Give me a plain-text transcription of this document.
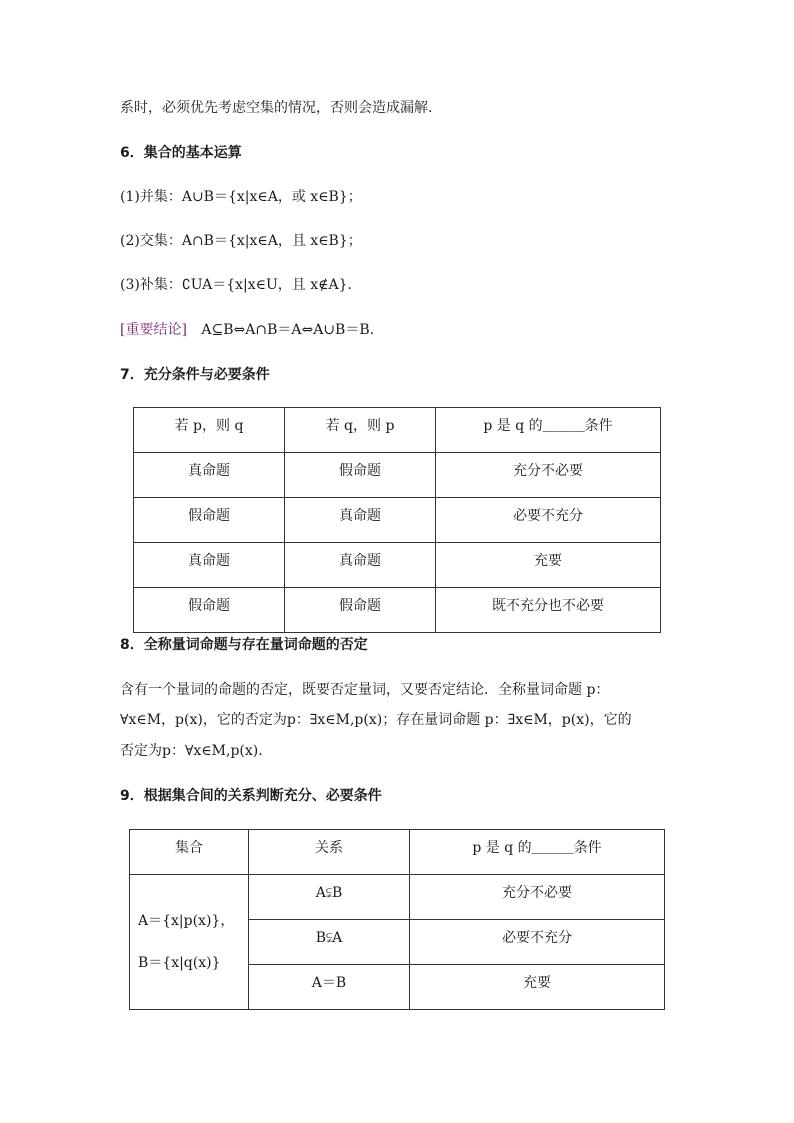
系时，必须优先考虑空集的情况，否则会造成漏解.
6．集合的基本运算
(1)并集：A∪B＝{x|x∈A，或 x∈B}；
(2)交集：A∩B＝{x|x∈A，且 x∈B}；
(3)补集：∁UA＝{x|x∈U，且 x∉A}.
[重要结论] A⊆B⇔A∩B＝A⇔A∪B＝B.
7．充分条件与必要条件
若 p，则 q	若 q，则 p	p 是 q 的＿＿＿条件
真命题	假命题	充分不必要
假命题	真命题	必要不充分
真命题	真命题	充要
假命题	假命题	既不充分也不必要
8．全称量词命题与存在量词命题的否定
含有一个量词的命题的否定，既要否定量词，又要否定结论．全称量词命题 p：
∀x∈M，p(x)，它的否定为p：∃x∈M,p(x)；存在量词命题 p：∃x∈M，p(x)，它的
否定为p：∀x∈M,p(x).
9．根据集合间的关系判断充分、必要条件
集合	关系	p 是 q 的＿＿＿条件

A＝{x|p(x)}，
B＝{x|q(x)}	A⫋B	充分不必要
	B⫋A	必要不充分
	A＝B	充要
